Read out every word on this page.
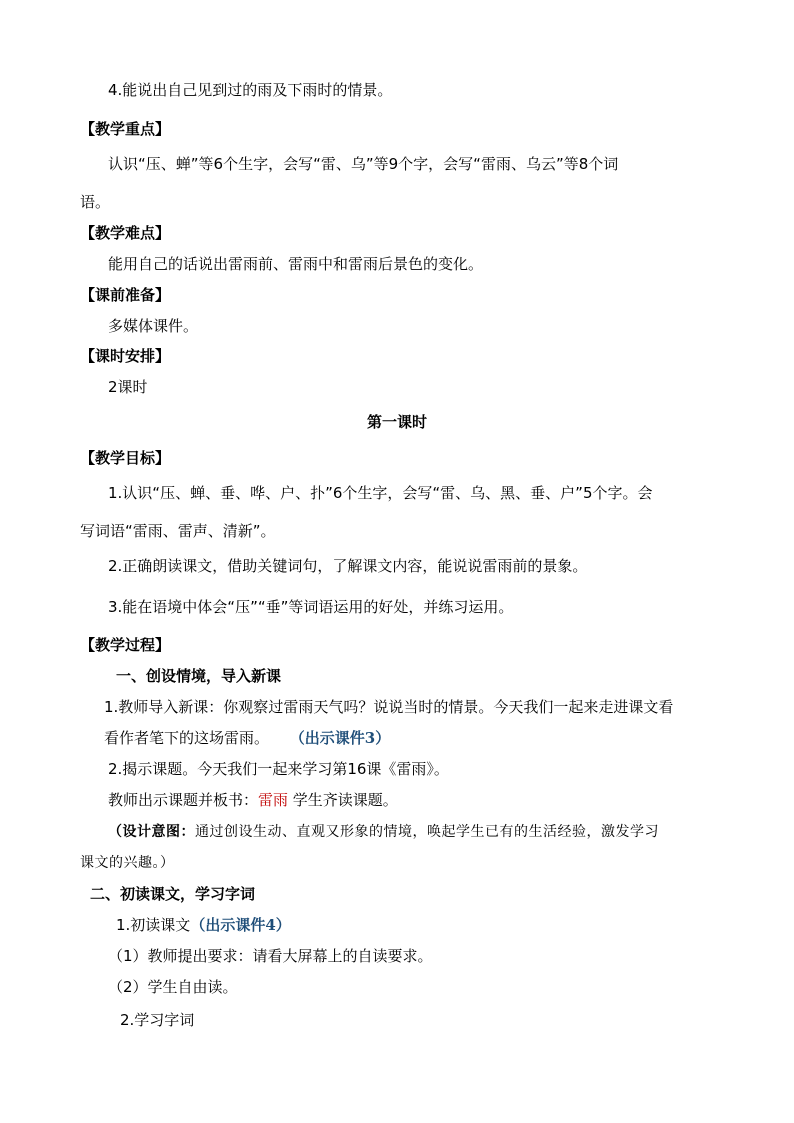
4.能说出自己见到过的雨及下雨时的情景。
【教学重点】
认识“压、蝉”等6个生字，会写“雷、乌”等9个字，会写“雷雨、乌云”等8个词
语。
【教学难点】
能用自己的话说出雷雨前、雷雨中和雷雨后景色的变化。
【课前准备】
多媒体课件。
【课时安排】
2课时
第一课时
【教学目标】
1.认识“压、蝉、垂、哗、户、扑”6个生字，会写“雷、乌、黑、垂、户”5个字。会
写词语“雷雨、雷声、清新”。
2.正确朗读课文，借助关键词句，了解课文内容，能说说雷雨前的景象。
3.能在语境中体会“压”“垂”等词语运用的好处，并练习运用。
【教学过程】
一、创设情境，导入新课
1.教师导入新课：你观察过雷雨天气吗？说说当时的情景。今天我们一起来走进课文看
看作者笔下的这场雷雨。 （出示课件3）
2.揭示课题。今天我们一起来学习第16课《雷雨》。
教师出示课题并板书：雷雨 学生齐读课题。
（设计意图：通过创设生动、直观又形象的情境，唤起学生已有的生活经验，激发学习
课文的兴趣。）
二、初读课文，学习字词
1.初读课文（出示课件4）
（1）教师提出要求：请看大屏幕上的自读要求。
（2）学生自由读。
2.学习字词
